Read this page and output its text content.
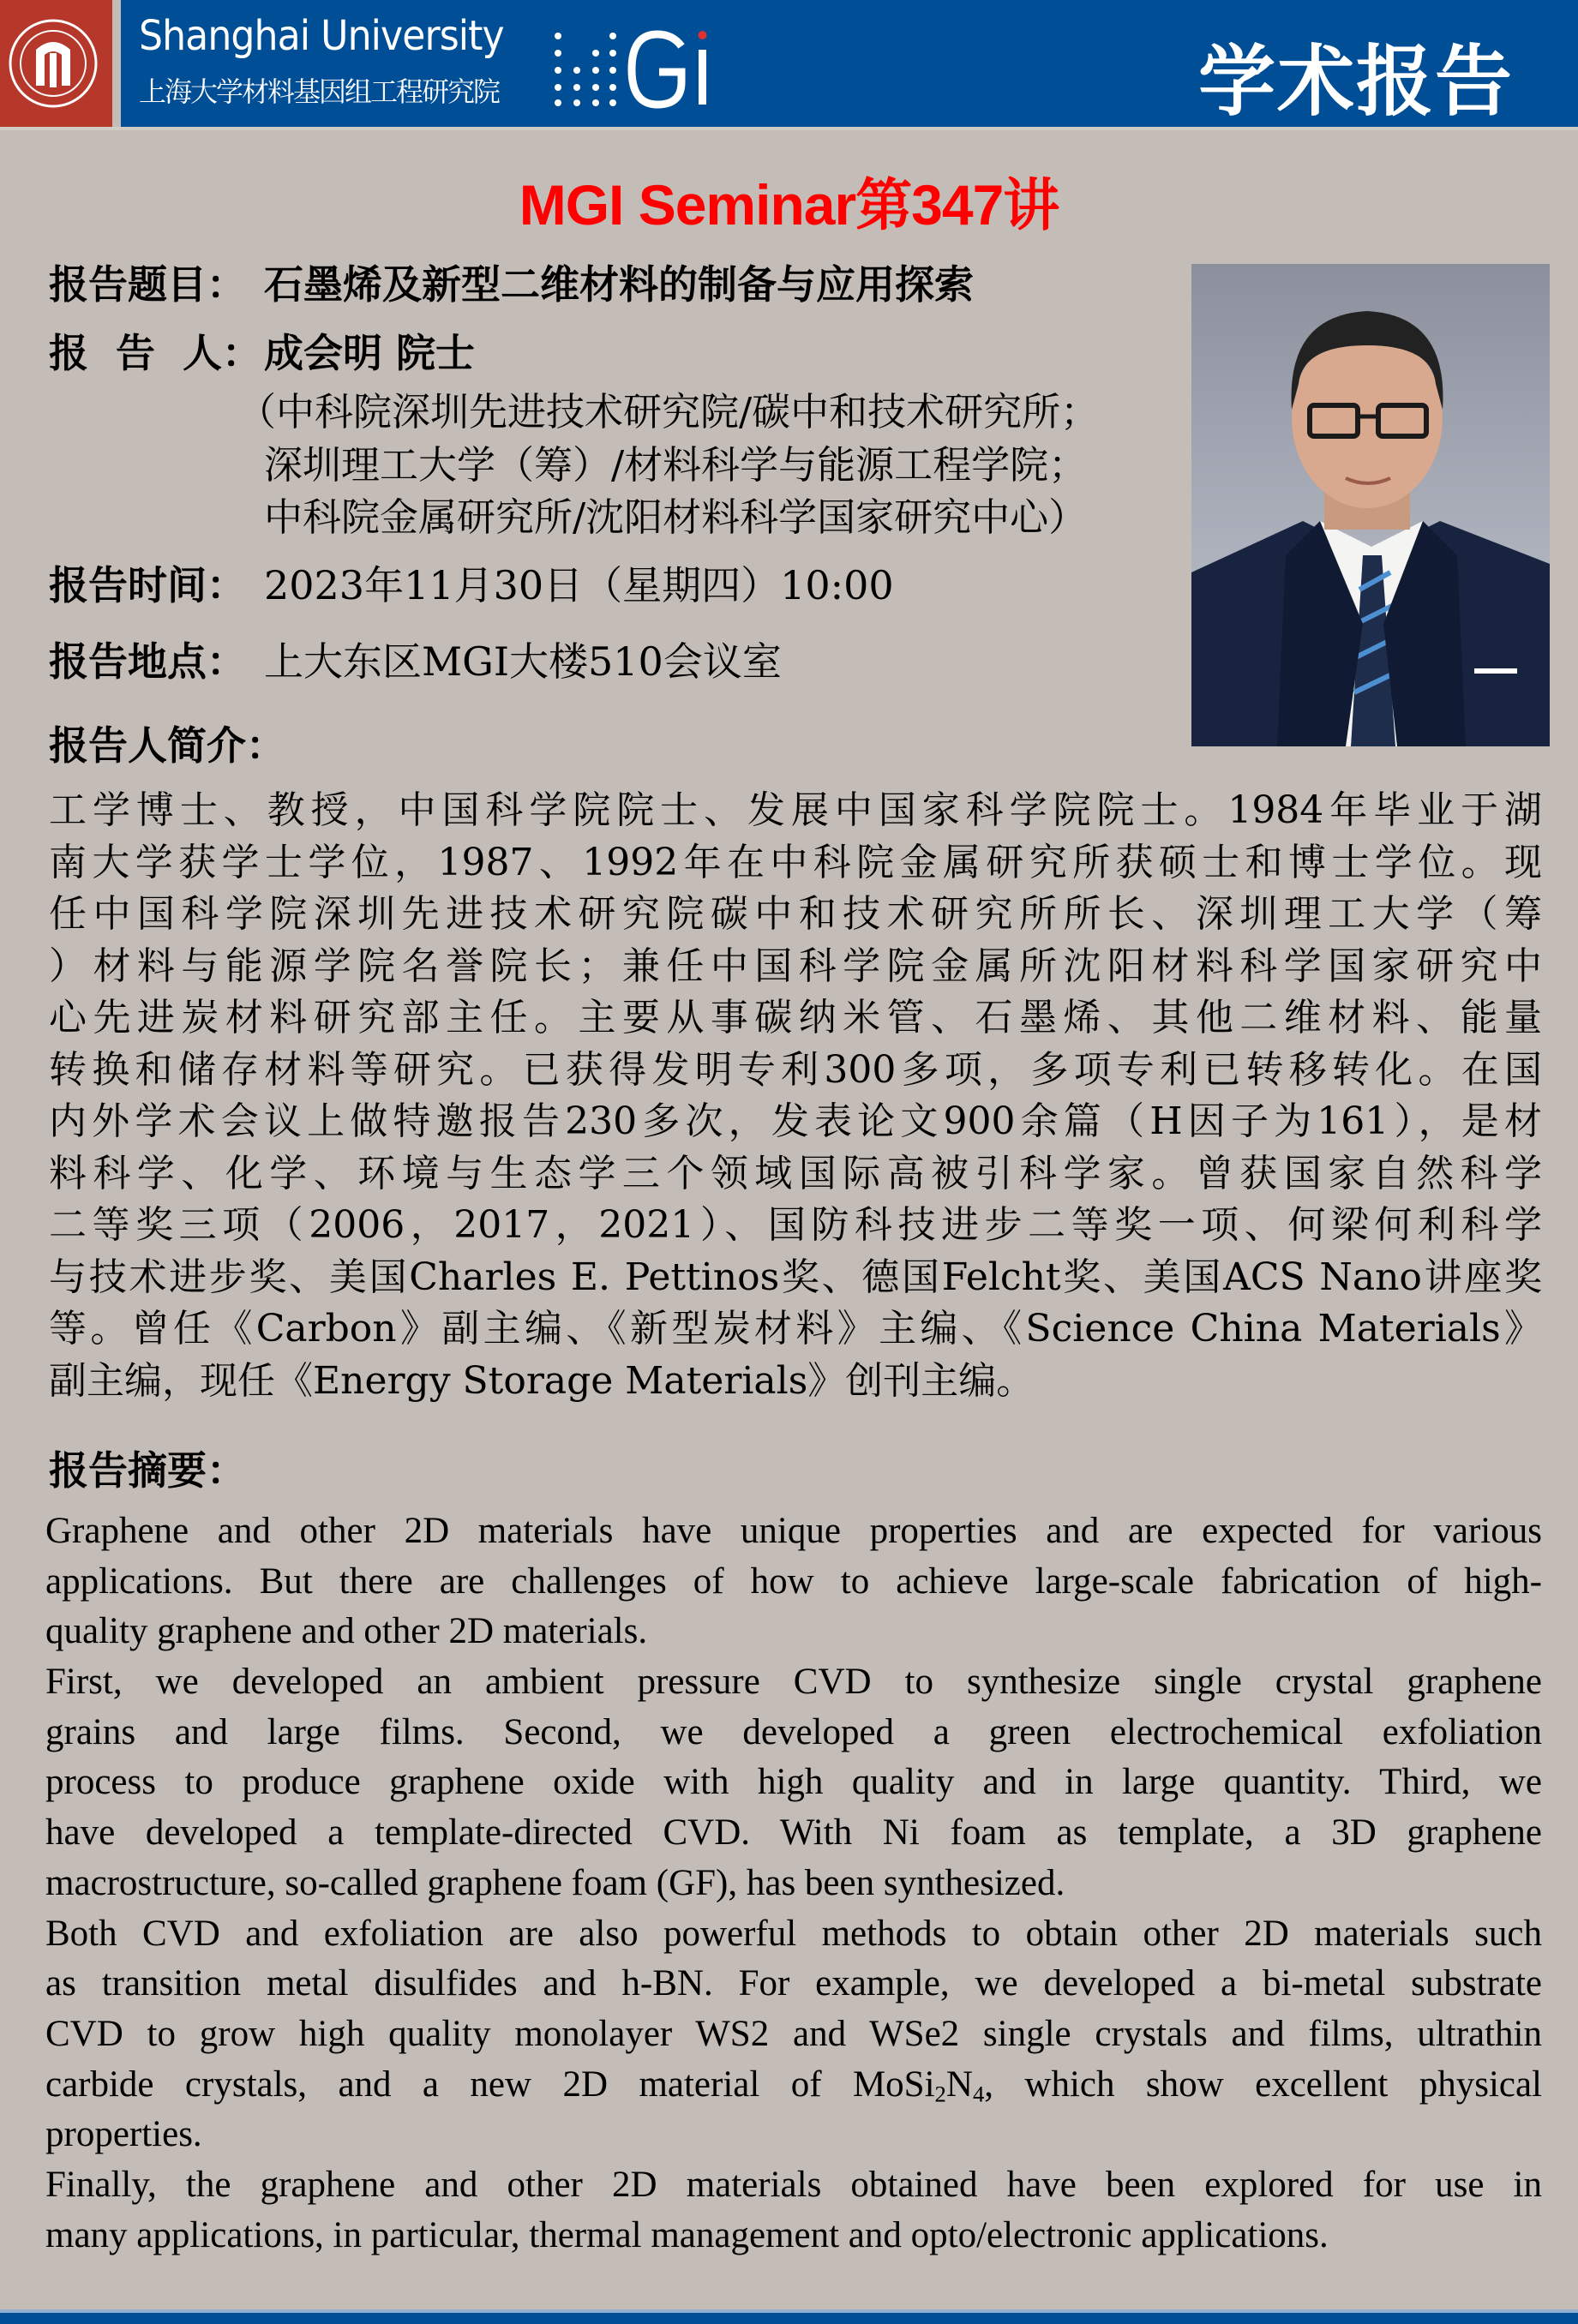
Shanghai University
上海大学材料基因组工程研究院	学术报告
MGI Seminar第347讲
报告题目： 石墨烯及新型二维材料的制备与应用探索
报  告  人：成会明 院士
（中科院深圳先进技术研究院/碳中和技术研究所；
深圳理工大学（筹）/材料科学与能源工程学院；
中科院金属研究所/沈阳材料科学国家研究中心）
报告时间： 2023年11月30日（星期四）10:00
报告地点： 上大东区MGI大楼510会议室
报告人简介：
工学博士、教授，中国科学院院士、发展中国家科学院院士。1984年毕业于湖
南大学获学士学位，1987、1992年在中科院金属研究所获硕士和博士学位。现
任中国科学院深圳先进技术研究院碳中和技术研究所所长、深圳理工大学（筹
）材料与能源学院名誉院长；兼任中国科学院金属所沈阳材料科学国家研究中
心先进炭材料研究部主任。主要从事碳纳米管、石墨烯、其他二维材料、能量
转换和储存材料等研究。已获得发明专利300多项，多项专利已转移转化。在国
内外学术会议上做特邀报告230多次，发表论文900余篇（H因子为161），是材
料科学、化学、环境与生态学三个领域国际高被引科学家。曾获国家自然科学
二等奖三项（2006，2017，2021）、国防科技进步二等奖一项、何梁何利科学
与技术进步奖、美国Charles E. Pettinos奖、德国Felcht奖、美国ACS Nano讲座奖
等。曾任《Carbon》副主编、《新型炭材料》主编、《Science China Materials》
副主编，现任《Energy Storage Materials》创刊主编。
报告摘要：
Graphene and other 2D materials have unique properties and are expected for various
applications. But there are challenges of how to achieve large-scale fabrication of high-
quality graphene and other 2D materials.
First, we developed an ambient pressure CVD to synthesize single crystal graphene
grains and large films. Second, we developed a green electrochemical exfoliation
process to produce graphene oxide with high quality and in large quantity. Third, we
have developed a template-directed CVD. With Ni foam as template, a 3D graphene
macrostructure, so-called graphene foam (GF), has been synthesized.
Both CVD and exfoliation are also powerful methods to obtain other 2D materials such
as transition metal disulfides and h-BN. For example, we developed a bi-metal substrate
CVD to grow high quality monolayer WS2 and WSe2 single crystals and films, ultrathin
carbide crystals, and a new 2D material of $MoSi_2N_4$, which show excellent physical
properties.
Finally, the graphene and other 2D materials obtained have been explored for use in
many applications, in particular, thermal management and opto/electronic applications.
